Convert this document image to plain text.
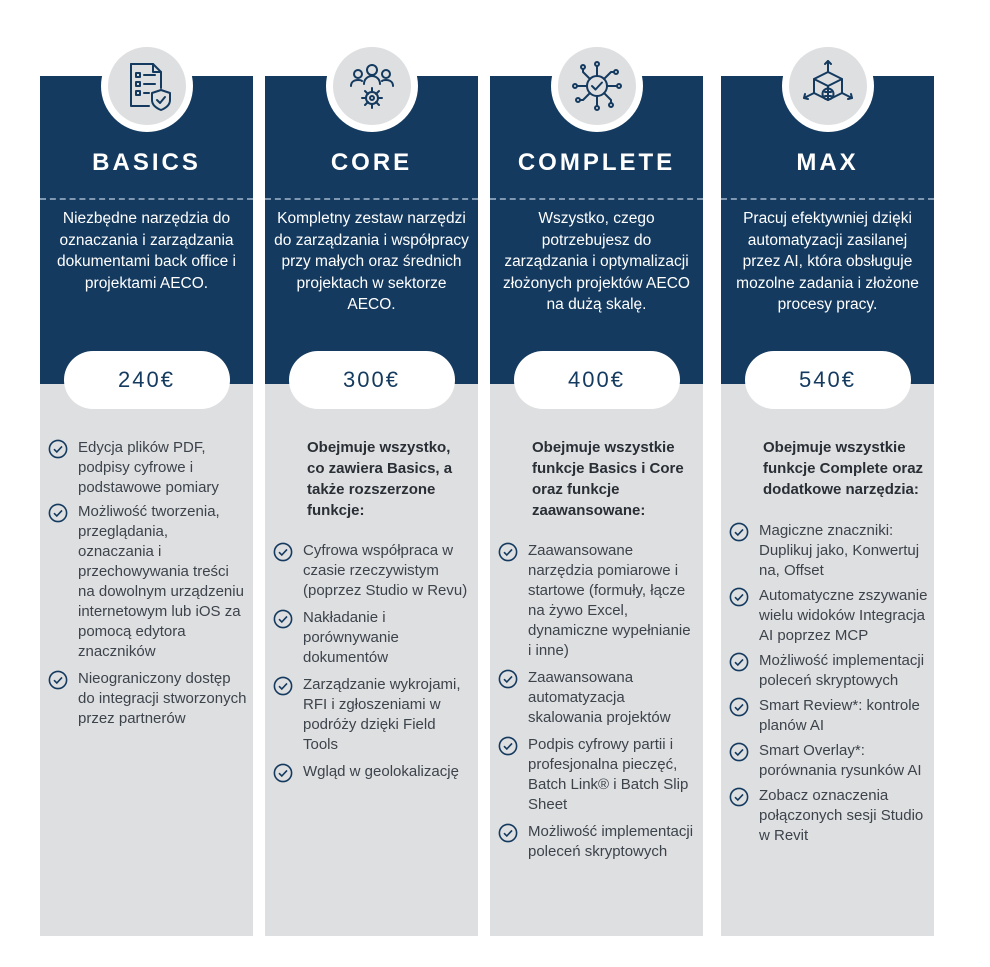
BASICS
Niezbędne narzędzia do oznaczania i zarządzania dokumentami back office i projektami AECO.
240€
Edycja plików PDF, podpisy cyfrowe i podstawowe pomiary
Możliwość tworzenia, przeglądania, oznaczania i przechowywania treści na dowolnym urządzeniu internetowym lub iOS za pomocą edytora znaczników
Nieograniczony dostęp do integracji stworzonych przez partnerów
CORE
Kompletny zestaw narzędzi do zarządzania i współpracy przy małych oraz średnich projektach w sektorze AECO.
300€
Obejmuje wszystko, co zawiera Basics, a także rozszerzone funkcje:
Cyfrowa współpraca w czasie rzeczywistym (poprzez Studio w Revu)
Nakładanie i porównywanie dokumentów
Zarządzanie wykrojami, RFI i zgłoszeniami w podróży dzięki Field Tools
Wgląd w geolokalizację
COMPLETE
Wszystko, czego potrzebujesz do zarządzania i optymalizacji złożonych projektów AECO na dużą skalę.
400€
Obejmuje wszystkie funkcje Basics i Core oraz funkcje zaawansowane:
Zaawansowane narzędzia pomiarowe i startowe (formuły, łącze na żywo Excel, dynamiczne wypełnianie i inne)
Zaawansowana automatyzacja skalowania projektów
Podpis cyfrowy partii i profesjonalna pieczęć, Batch Link® i Batch Slip Sheet
Możliwość implementacji poleceń skryptowych
MAX
Pracuj efektywniej dzięki automatyzacji zasilanej przez AI, która obsługuje mozolne zadania i złożone procesy pracy.
540€
Obejmuje wszystkie funkcje Complete oraz dodatkowe narzędzia:
Magiczne znaczniki: Duplikuj jako, Konwertuj na, Offset
Automatyczne zszywanie wielu widoków Integracja AI poprzez MCP
Możliwość implementacji poleceń skryptowych
Smart Review*: kontrole planów AI
Smart Overlay*: porównania rysunków AI
Zobacz oznaczenia połączonych sesji Studio w Revit
